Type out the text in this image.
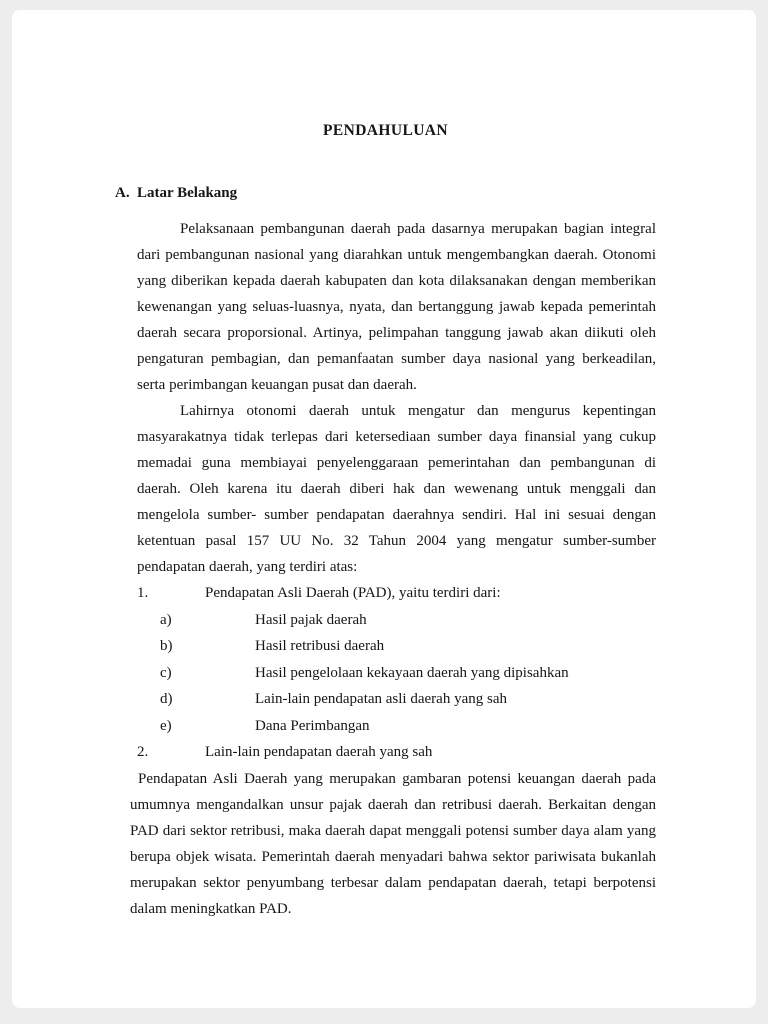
PENDAHULUAN
A. Latar Belakang

Pelaksanaan pembangunan daerah pada dasarnya merupakan bagian integral dari pembangunan nasional yang diarahkan untuk mengembangkan daerah. Otonomi yang diberikan kepada daerah kabupaten dan kota dilaksanakan dengan memberikan kewenangan yang seluas-luasnya, nyata, dan bertanggung jawab kepada pemerintah daerah secara proporsional. Artinya, pelimpahan tanggung jawab akan diikuti oleh pengaturan pembagian, dan pemanfaatan sumber daya nasional yang berkeadilan, serta perimbangan keuangan pusat dan daerah.

Lahirnya otonomi daerah untuk mengatur dan mengurus kepentingan masyarakatnya tidak terlepas dari ketersediaan sumber daya finansial yang cukup memadai guna membiayai penyelenggaraan pemerintahan dan pembangunan di daerah. Oleh karena itu daerah diberi hak dan wewenang untuk menggali dan mengelola sumber- sumber pendapatan daerahnya sendiri. Hal ini sesuai dengan ketentuan pasal 157 UU No. 32 Tahun 2004 yang mengatur sumber-sumber pendapatan daerah, yang terdiri atas:

1.	Pendapatan Asli Daerah (PAD), yaitu terdiri dari:
a)	Hasil pajak daerah
b)	Hasil retribusi daerah
c)	Hasil pengelolaan kekayaan daerah yang dipisahkan
d)	Lain-lain pendapatan asli daerah yang sah
e)	Dana Perimbangan
2.	Lain-lain pendapatan daerah yang sah

Pendapatan Asli Daerah yang merupakan gambaran potensi keuangan daerah pada umumnya mengandalkan unsur pajak daerah dan retribusi daerah. Berkaitan dengan PAD dari sektor retribusi, maka daerah dapat menggali potensi sumber daya alam yang berupa objek wisata. Pemerintah daerah menyadari bahwa sektor pariwisata bukanlah merupakan sektor penyumbang terbesar dalam pendapatan daerah, tetapi berpotensi dalam meningkatkan PAD.
